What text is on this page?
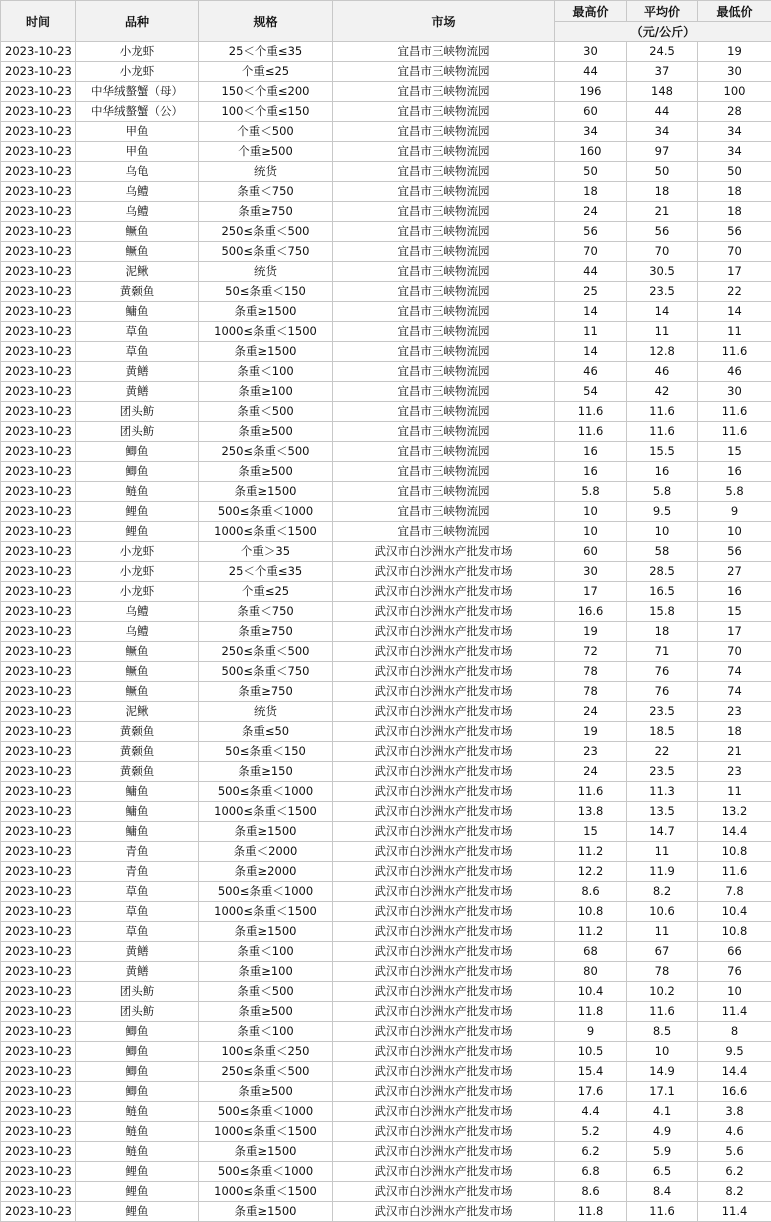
时间	品种	规格	市场	最高价	平均价	最低价
				（元/公斤）		
2023-10-23	小龙虾	25＜个重≤35	宜昌市三峡物流园	30	24.5	19
2023-10-23	小龙虾	个重≤25	宜昌市三峡物流园	44	37	30
2023-10-23	中华绒螯蟹（母）	150＜个重≤200	宜昌市三峡物流园	196	148	100
2023-10-23	中华绒螯蟹（公）	100＜个重≤150	宜昌市三峡物流园	60	44	28
2023-10-23	甲鱼	个重＜500	宜昌市三峡物流园	34	34	34
2023-10-23	甲鱼	个重≥500	宜昌市三峡物流园	160	97	34
2023-10-23	乌龟	统货	宜昌市三峡物流园	50	50	50
2023-10-23	乌鳢	条重＜750	宜昌市三峡物流园	18	18	18
2023-10-23	乌鳢	条重≥750	宜昌市三峡物流园	24	21	18
2023-10-23	鳜鱼	250≤条重＜500	宜昌市三峡物流园	56	56	56
2023-10-23	鳜鱼	500≤条重＜750	宜昌市三峡物流园	70	70	70
2023-10-23	泥鳅	统货	宜昌市三峡物流园	44	30.5	17
2023-10-23	黄颡鱼	50≤条重＜150	宜昌市三峡物流园	25	23.5	22
2023-10-23	鳙鱼	条重≥1500	宜昌市三峡物流园	14	14	14
2023-10-23	草鱼	1000≤条重＜1500	宜昌市三峡物流园	11	11	11
2023-10-23	草鱼	条重≥1500	宜昌市三峡物流园	14	12.8	11.6
2023-10-23	黄鳝	条重＜100	宜昌市三峡物流园	46	46	46
2023-10-23	黄鳝	条重≥100	宜昌市三峡物流园	54	42	30
2023-10-23	团头鲂	条重＜500	宜昌市三峡物流园	11.6	11.6	11.6
2023-10-23	团头鲂	条重≥500	宜昌市三峡物流园	11.6	11.6	11.6
2023-10-23	鲫鱼	250≤条重＜500	宜昌市三峡物流园	16	15.5	15
2023-10-23	鲫鱼	条重≥500	宜昌市三峡物流园	16	16	16
2023-10-23	鲢鱼	条重≥1500	宜昌市三峡物流园	5.8	5.8	5.8
2023-10-23	鲤鱼	500≤条重＜1000	宜昌市三峡物流园	10	9.5	9
2023-10-23	鲤鱼	1000≤条重＜1500	宜昌市三峡物流园	10	10	10
2023-10-23	小龙虾	个重＞35	武汉市白沙洲水产批发市场	60	58	56
2023-10-23	小龙虾	25＜个重≤35	武汉市白沙洲水产批发市场	30	28.5	27
2023-10-23	小龙虾	个重≤25	武汉市白沙洲水产批发市场	17	16.5	16
2023-10-23	乌鳢	条重＜750	武汉市白沙洲水产批发市场	16.6	15.8	15
2023-10-23	乌鳢	条重≥750	武汉市白沙洲水产批发市场	19	18	17
2023-10-23	鳜鱼	250≤条重＜500	武汉市白沙洲水产批发市场	72	71	70
2023-10-23	鳜鱼	500≤条重＜750	武汉市白沙洲水产批发市场	78	76	74
2023-10-23	鳜鱼	条重≥750	武汉市白沙洲水产批发市场	78	76	74
2023-10-23	泥鳅	统货	武汉市白沙洲水产批发市场	24	23.5	23
2023-10-23	黄颡鱼	条重≤50	武汉市白沙洲水产批发市场	19	18.5	18
2023-10-23	黄颡鱼	50≤条重＜150	武汉市白沙洲水产批发市场	23	22	21
2023-10-23	黄颡鱼	条重≥150	武汉市白沙洲水产批发市场	24	23.5	23
2023-10-23	鳙鱼	500≤条重＜1000	武汉市白沙洲水产批发市场	11.6	11.3	11
2023-10-23	鳙鱼	1000≤条重＜1500	武汉市白沙洲水产批发市场	13.8	13.5	13.2
2023-10-23	鳙鱼	条重≥1500	武汉市白沙洲水产批发市场	15	14.7	14.4
2023-10-23	青鱼	条重＜2000	武汉市白沙洲水产批发市场	11.2	11	10.8
2023-10-23	青鱼	条重≥2000	武汉市白沙洲水产批发市场	12.2	11.9	11.6
2023-10-23	草鱼	500≤条重＜1000	武汉市白沙洲水产批发市场	8.6	8.2	7.8
2023-10-23	草鱼	1000≤条重＜1500	武汉市白沙洲水产批发市场	10.8	10.6	10.4
2023-10-23	草鱼	条重≥1500	武汉市白沙洲水产批发市场	11.2	11	10.8
2023-10-23	黄鳝	条重＜100	武汉市白沙洲水产批发市场	68	67	66
2023-10-23	黄鳝	条重≥100	武汉市白沙洲水产批发市场	80	78	76
2023-10-23	团头鲂	条重＜500	武汉市白沙洲水产批发市场	10.4	10.2	10
2023-10-23	团头鲂	条重≥500	武汉市白沙洲水产批发市场	11.8	11.6	11.4
2023-10-23	鲫鱼	条重＜100	武汉市白沙洲水产批发市场	9	8.5	8
2023-10-23	鲫鱼	100≤条重＜250	武汉市白沙洲水产批发市场	10.5	10	9.5
2023-10-23	鲫鱼	250≤条重＜500	武汉市白沙洲水产批发市场	15.4	14.9	14.4
2023-10-23	鲫鱼	条重≥500	武汉市白沙洲水产批发市场	17.6	17.1	16.6
2023-10-23	鲢鱼	500≤条重＜1000	武汉市白沙洲水产批发市场	4.4	4.1	3.8
2023-10-23	鲢鱼	1000≤条重＜1500	武汉市白沙洲水产批发市场	5.2	4.9	4.6
2023-10-23	鲢鱼	条重≥1500	武汉市白沙洲水产批发市场	6.2	5.9	5.6
2023-10-23	鲤鱼	500≤条重＜1000	武汉市白沙洲水产批发市场	6.8	6.5	6.2
2023-10-23	鲤鱼	1000≤条重＜1500	武汉市白沙洲水产批发市场	8.6	8.4	8.2
2023-10-23	鲤鱼	条重≥1500	武汉市白沙洲水产批发市场	11.8	11.6	11.4
